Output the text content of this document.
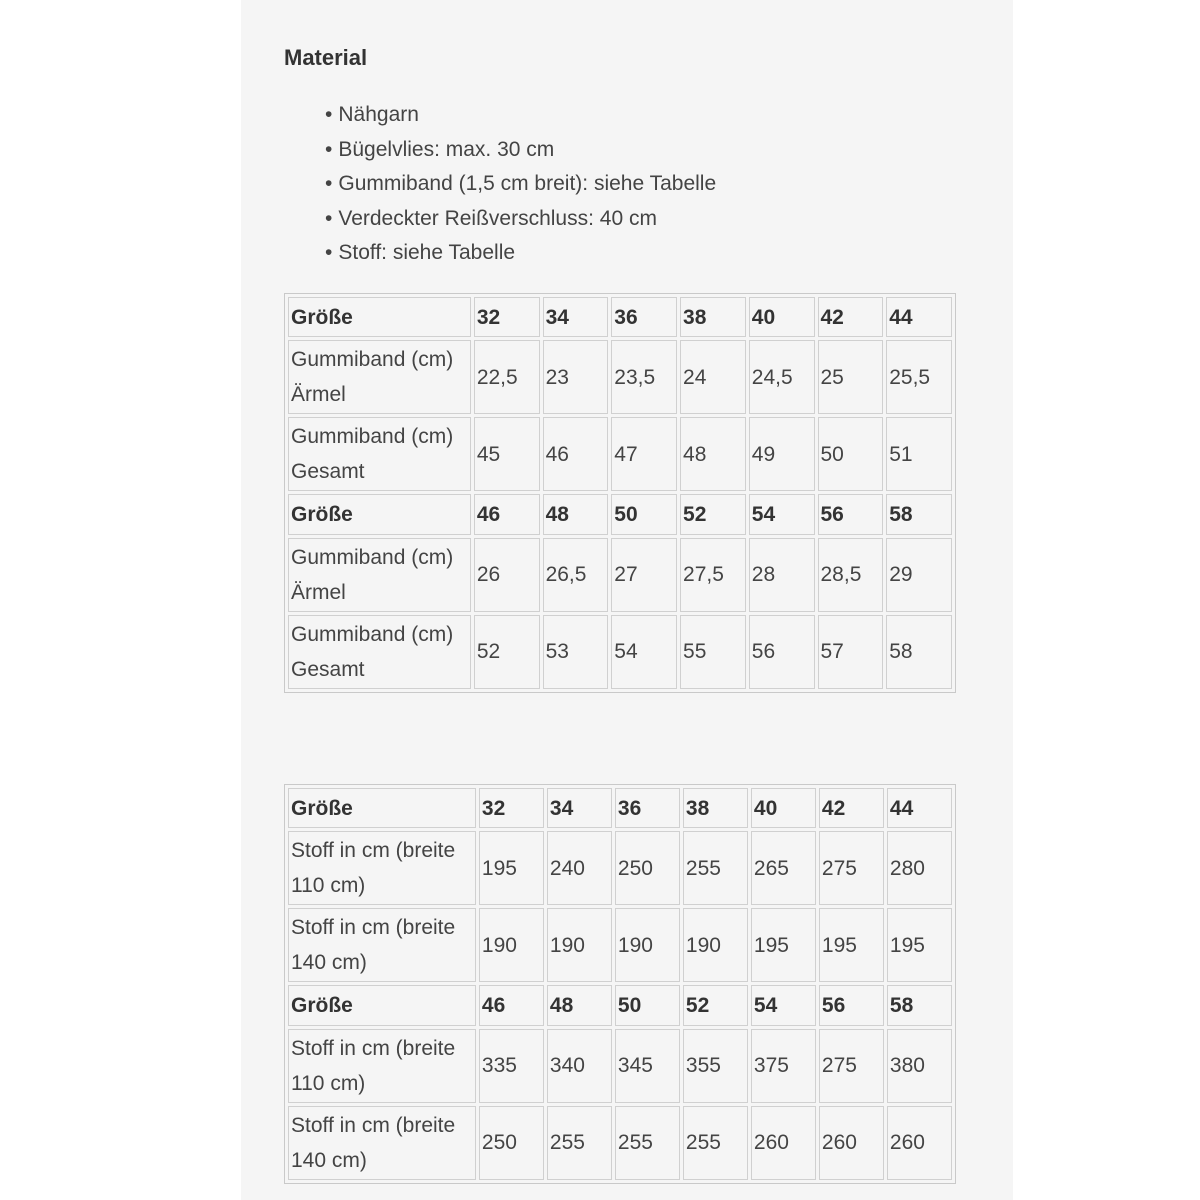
Material
• Nähgarn
• Bügelvlies: max. 30 cm
• Gummiband (1,5 cm breit): siehe Tabelle
• Verdeckter Reißverschluss: 40 cm
• Stoff: siehe Tabelle
Größe	32	34	36	38	40	42	44
Gummiband (cm) Ärmel	22,5	23	23,5	24	24,5	25	25,5
Gummiband (cm) Gesamt	45	46	47	48	49	50	51
Größe	46	48	50	52	54	56	58
Gummiband (cm) Ärmel	26	26,5	27	27,5	28	28,5	29
Gummiband (cm) Gesamt	52	53	54	55	56	57	58
Größe	32	34	36	38	40	42	44
Stoff in cm (breite 110 cm)	195	240	250	255	265	275	280
Stoff in cm (breite 140 cm)	190	190	190	190	195	195	195
Größe	46	48	50	52	54	56	58
Stoff in cm (breite 110 cm)	335	340	345	355	375	275	380
Stoff in cm (breite 140 cm)	250	255	255	255	260	260	260
